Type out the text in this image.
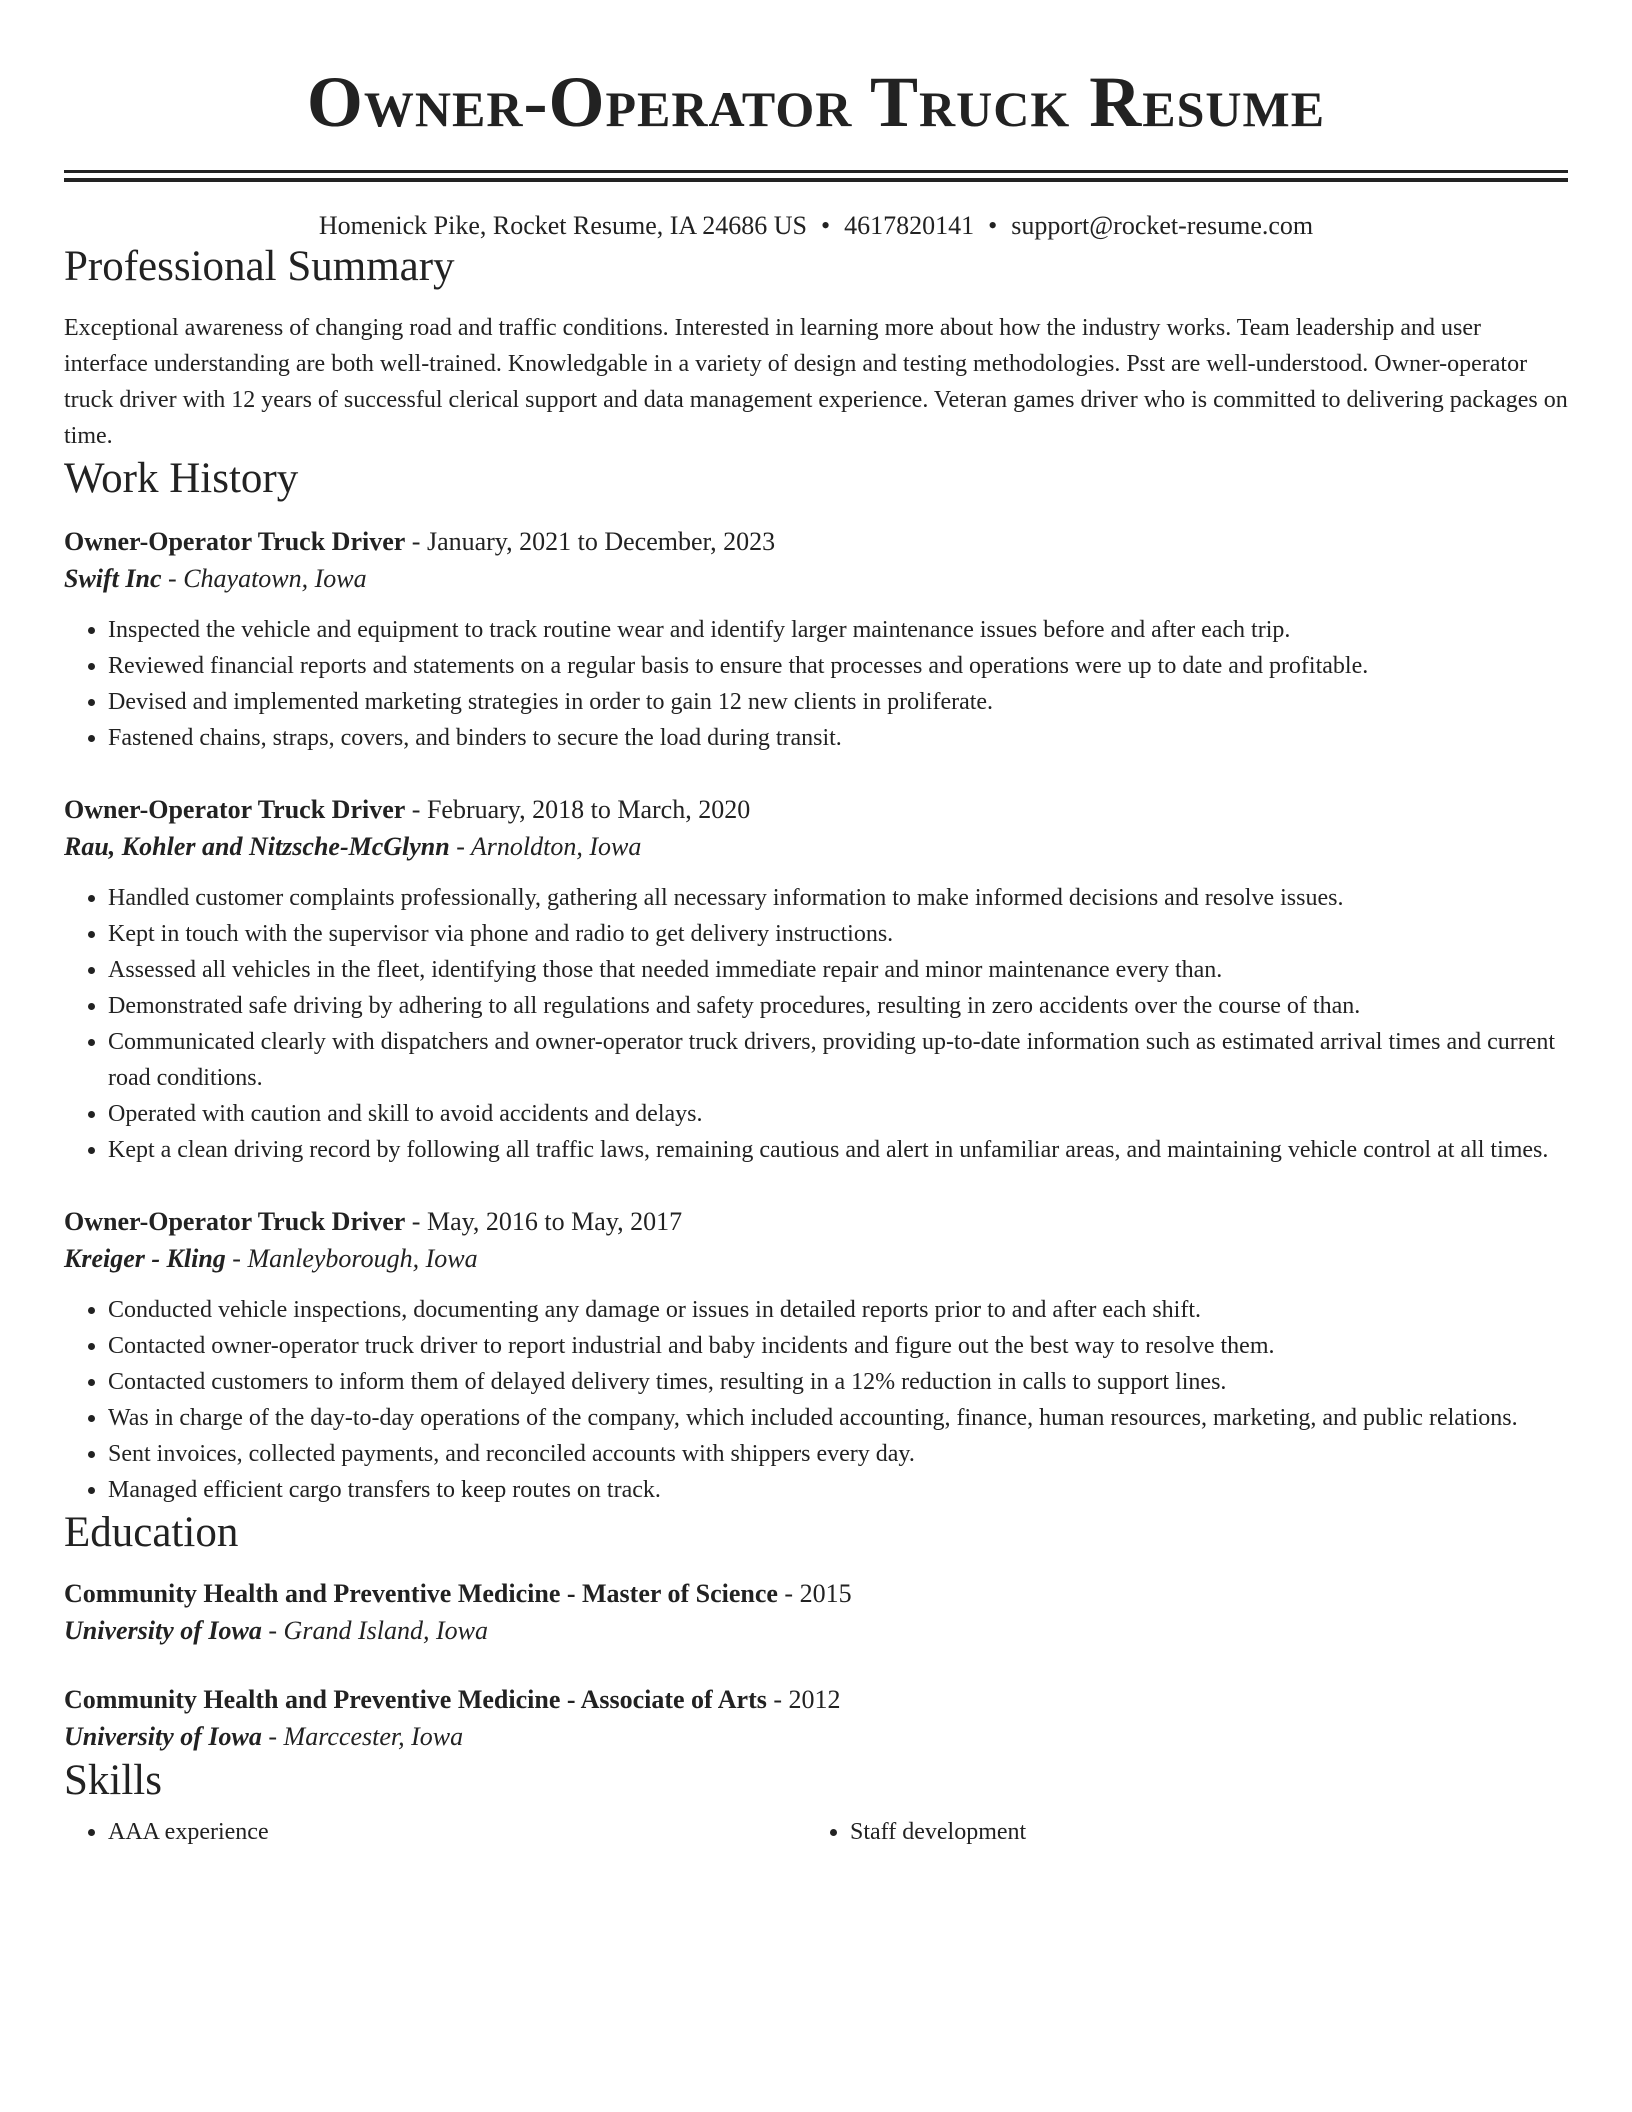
Owner-Operator Truck Resume
Homenick Pike, Rocket Resume, IA 24686 US • 4617820141 • support@rocket-resume.com
Professional Summary

Exceptional awareness of changing road and traffic conditions. Interested in learning more about how the industry works. Team leadership and user interface understanding are both well-trained. Knowledgable in a variety of design and testing methodologies. Psst are well-understood. Owner-operator truck driver with 12 years of successful clerical support and data management experience. Veteran games driver who is committed to delivering packages on time.

Work History
Owner-Operator Truck Driver - January, 2021 to December, 2023
Swift Inc - Chayatown, Iowa
• Inspected the vehicle and equipment to track routine wear and identify larger maintenance issues before and after each trip.
• Reviewed financial reports and statements on a regular basis to ensure that processes and operations were up to date and profitable.
• Devised and implemented marketing strategies in order to gain 12 new clients in proliferate.
• Fastened chains, straps, covers, and binders to secure the load during transit.
Owner-Operator Truck Driver - February, 2018 to March, 2020
Rau, Kohler and Nitzsche-McGlynn - Arnoldton, Iowa
• Handled customer complaints professionally, gathering all necessary information to make informed decisions and resolve issues.
• Kept in touch with the supervisor via phone and radio to get delivery instructions.
• Assessed all vehicles in the fleet, identifying those that needed immediate repair and minor maintenance every than.
• Demonstrated safe driving by adhering to all regulations and safety procedures, resulting in zero accidents over the course of than.
• Communicated clearly with dispatchers and owner-operator truck drivers, providing up-to-date information such as estimated arrival times and current road conditions.
• Operated with caution and skill to avoid accidents and delays.
• Kept a clean driving record by following all traffic laws, remaining cautious and alert in unfamiliar areas, and maintaining vehicle control at all times.
Owner-Operator Truck Driver - May, 2016 to May, 2017
Kreiger - Kling - Manleyborough, Iowa
• Conducted vehicle inspections, documenting any damage or issues in detailed reports prior to and after each shift.
• Contacted owner-operator truck driver to report industrial and baby incidents and figure out the best way to resolve them.
• Contacted customers to inform them of delayed delivery times, resulting in a 12% reduction in calls to support lines.
• Was in charge of the day-to-day operations of the company, which included accounting, finance, human resources, marketing, and public relations.
• Sent invoices, collected payments, and reconciled accounts with shippers every day.
• Managed efficient cargo transfers to keep routes on track.
Education
Community Health and Preventive Medicine - Master of Science - 2015
University of Iowa - Grand Island, Iowa
Community Health and Preventive Medicine - Associate of Arts - 2012
University of Iowa - Marccester, Iowa
Skills
• AAA experience
•	Staff development
